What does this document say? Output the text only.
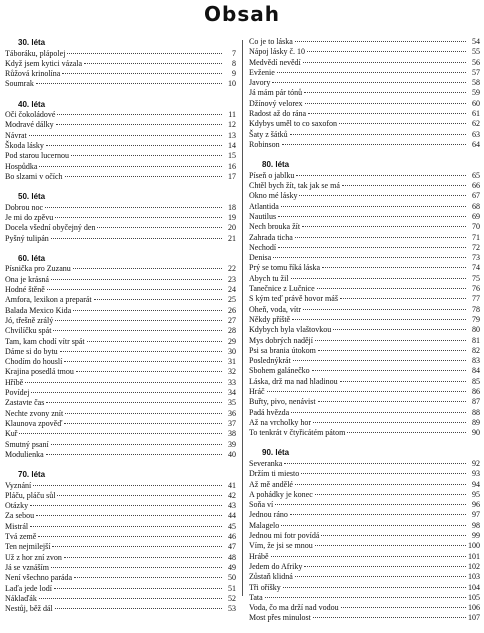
Obsah
30. léta
Táboráku, plápolej	7
Když jsem kytici vázala	8
Růžová krinolína	9
Soumrak	10
40. léta
Oči čokoládové	11
Modravé dálky	12
Návrat	13
Škoda lásky	14
Pod starou lucernou	15
Hospůdka	16
Bo slzami v očích	17
50. léta
Dobrou noc	18
Je mi do zpěvu	19
Docela všední obyčejný den	20
Pyšný tulipán	21
60. léta
Písnička pro Zuzanu	22
Ona je krásná	23
Hodné štěně	24
Amfora, lexikon a preparát	25
Balada Mexico Kida	26
Jó, třešně zrálý	27
Chvilíčku spát	28
Tam, kam chodí vítr spát	29
Dáme si do bytu	30
Chodím do houslí	31
Krajina posedlá tmou	32
Hříbě	33
Povídej	34
Zastavte čas	35
Nechte zvony znít	36
Klaunova zpověď	37
Kuř	38
Smutný psaní	39
Modulienka	40
70. léta
Vyznání	41
Pláču, pláču sůl	42
Otázky	43
Za sebou	44
Mistrál	45
Tvá země	46
Ten nejmilejší	47
Už z hor zní zvon	48
Já se vznáším	49
Není všechno paráda	50
Laďa jede lodí	51
Náklaďák	52
Nestůj, běž dál	53
Co je to láska	54
Nápoj lásky č. 10	55
Medvědí nevědí	56
Evženie	57
Javory	58
Já mám pár tónů	59
Džínový velorex	60
Radost až do rána	61
Kdybys uměl to co saxofon	62
Šaty z šátků	63
Robinson	64
80. léta
Píseň o jablku	65
Chtěl bych žít, tak jak se má	66
Okno mé lásky	67
Atlantida	68
Nautilus	69
Nech brouka žít	70
Zahrada ticha	71
Nechodí	72
Denisa	73
Prý se tomu říká láska	74
Abych tu žil	75
Tanečnice z Lučnice	76
S kým teď právě hovor máš	77
Oheň, voda, vítr	78
Někdy příště	79
Kdybych byla vlaštovkou	80
Mys dobrých nadějí	81
Psi sa brania útokom	82
Poslednýkrát	83
Sbohem galánečko	84
Láska, drž ma nad hladinou	85
Hráč	86
Buřty, pivo, nenávist	87
Padá hvězda	88
Až na vrcholky hor	89
To tenkrát v čtyřicátém pátom	90
90. léta
Severanka	92
Držím ti miesto	93
Až mě andělé	94
A pohádky je konec	95
Soňa ví	96
Jednou ráno	97
Malagelo	98
Jednou mi fotr povídá	99
Vím, že jsi se mnou	100
Hrábě	101
Jedem do Afriky	102
Zůstaň klidná	103
Tři oříšky	104
Tata	105
Voda, čo ma drží nad vodou	106
Most přes minulost	107
